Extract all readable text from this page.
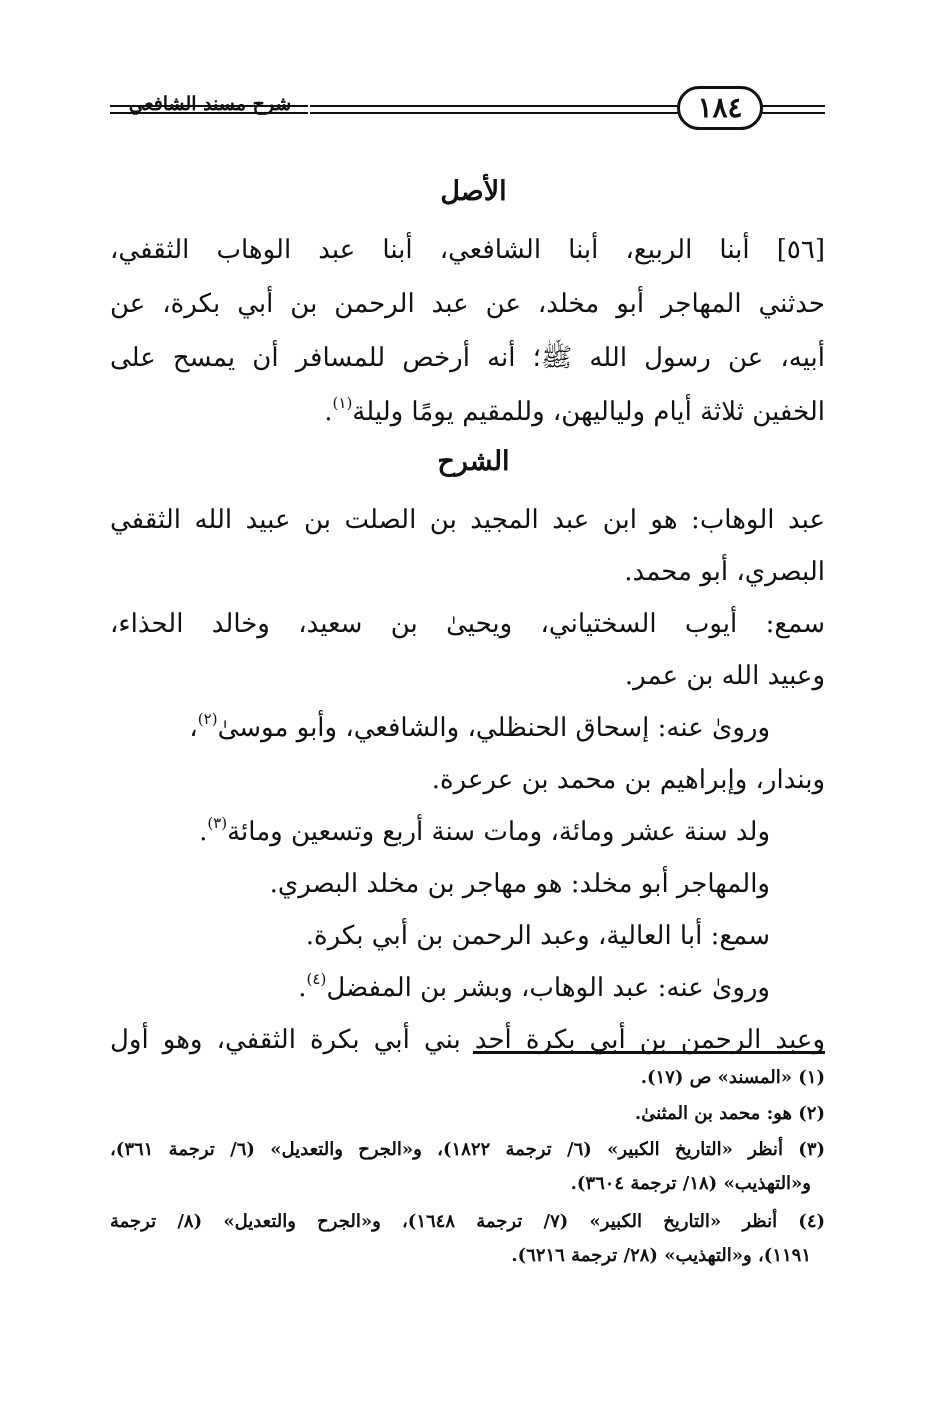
شرح مسند الشافعي	١٨٤
الأصل
[٥٦] أبنا الربيع، أبنا الشافعي، أبنا عبد الوهاب الثقفي،
حدثني المهاجر أبو مخلد، عن عبد الرحمن بن أبي بكرة، عن
أبيه، عن رسول الله ﷺ؛ أنه أرخص للمسافر أن يمسح على
الخفين ثلاثة أيام ولياليهن، وللمقيم يومًا وليلة$^{(١)}$.
الشرح
عبد الوهاب: هو ابن عبد المجيد بن الصلت بن عبيد الله الثقفي
البصري، أبو محمد.
سمع: أيوب السختياني، ويحيىٰ بن سعيد، وخالد الحذاء،
وعبيد الله بن عمر.
وروىٰ عنه: إسحاق الحنظلي، والشافعي، وأبو موسىٰ$^{(٢)}$،
وبندار، وإبراهيم بن محمد بن عرعرة.
ولد سنة عشر ومائة، ومات سنة أربع وتسعين ومائة$^{(٣)}$.
والمهاجر أبو مخلد: هو مهاجر بن مخلد البصري.
سمع: أبا العالية، وعبد الرحمن بن أبي بكرة.
وروىٰ عنه: عبد الوهاب، وبشر بن المفضل$^{(٤)}$.
وعبد الرحمن بن أبي بكرة أحد بني أبي بكرة الثقفي، وهو أول
(١) «المسند» ص (١٧).
(٢) هو: محمد بن المثنىٰ.
(٣) أنظر «التاريخ الكبير» (٦/ ترجمة ١٨٢٢)، و«الجرح والتعديل» (٦/ ترجمة ٣٦١)،
و«التهذيب» (١٨/ ترجمة ٣٦٠٤).
(٤) أنظر «التاريخ الكبير» (٧/ ترجمة ١٦٤٨)، و«الجرح والتعديل» (٨/ ترجمة
١١٩١)، و«التهذيب» (٢٨/ ترجمة ٦٢١٦).
